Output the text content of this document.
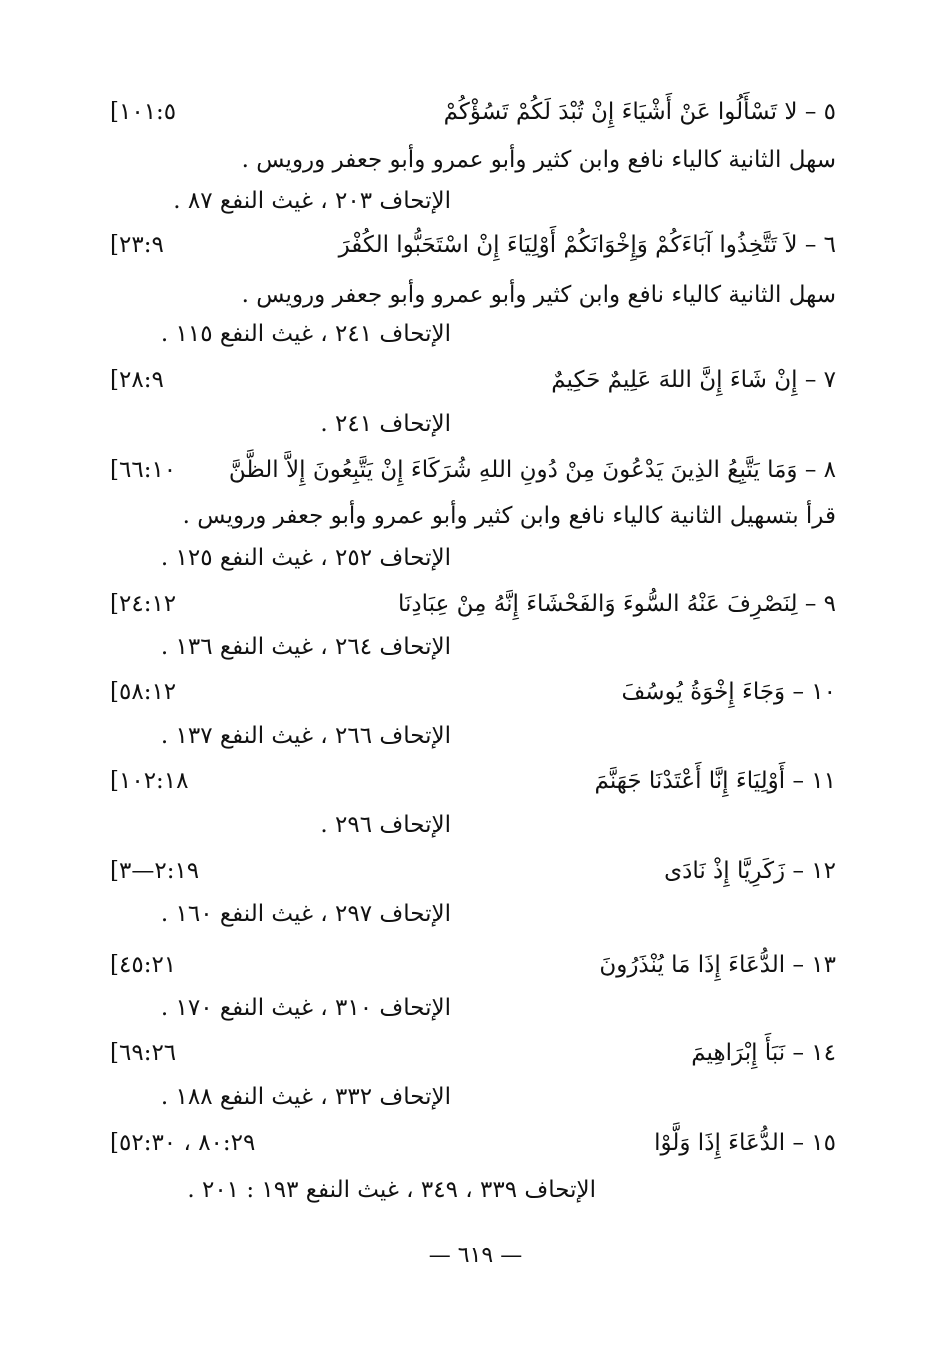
٥ – لا تَسْأَلُوا عَنْ أَشْيَاءَ إِنْ تُبْدَ لَكُمْ تَسُؤْكُمْ
[١٠١:٥
سهل الثانية كالياء نافع وابن كثير وأبو عمرو وأبو جعفر ورويس .
الإتحاف ٢٠٣ ، غيث النفع ٨٧ .
٦ – لاَ تَتَّخِذُوا آبَاءَكُمْ وَإِخْوَانَكُمْ أَوْلِيَاءَ إِنْ اسْتَحَبُّوا الكُفْرَ
[٢٣:٩
سهل الثانية كالياء نافع وابن كثير وأبو عمرو وأبو جعفر ورويس .
الإتحاف ٢٤١ ، غيث النفع ١١٥ .
٧ – إِنْ شَاءَ إِنَّ اللهَ عَلِيمٌ حَكِيمٌ
[٢٨:٩
الإتحاف ٢٤١ .
٨ – وَمَا يَتَّبِعُ الذِينَ يَدْعُونَ مِنْ دُونِ اللهِ شُرَكَاءَ إِنْ يَتَّبِعُونَ إِلاَّ الظَّنَّ
[٦٦:١٠
قرأ بتسهيل الثانية كالياء نافع وابن كثير وأبو عمرو وأبو جعفر ورويس .
الإتحاف ٢٥٢ ، غيث النفع ١٢٥ .
٩ – لِنَصْرِفَ عَنْهُ السُّوءَ وَالفَحْشَاءَ إِنَّهُ مِنْ عِبَادِنَا
[٢٤:١٢
الإتحاف ٢٦٤ ، غيث النفع ١٣٦ .
١٠ – وَجَاءَ إِخْوَةُ يُوسُفَ
[٥٨:١٢
الإتحاف ٢٦٦ ، غيث النفع ١٣٧ .
١١ – أَوْلِيَاءَ إِنَّا أَعْتَدْنَا جَهَنَّمَ
[١٠٢:١٨
الإتحاف ٢٩٦ .
١٢ – زَكَرِيَّا إِذْ نَادَى
[٢:١٩—٣
الإتحاف ٢٩٧ ، غيث النفع ١٦٠ .
١٣ – الدُّعَاءَ إِذَا مَا يُنْذَرُونَ
[٤٥:٢١
الإتحاف ٣١٠ ، غيث النفع ١٧٠ .
١٤ – نَبَأَ إِبْرَاهِيمَ
[٦٩:٢٦
الإتحاف ٣٣٢ ، غيث النفع ١٨٨ .
١٥ – الدُّعَاءَ إِذَا وَلَّوْا
[٨٠:٢٩ ، ٥٢:٣٠
الإتحاف ٣٣٩ ، ٣٤٩ ، غيث النفع ١٩٣ : ٢٠١ .
— ٦١٩ —
